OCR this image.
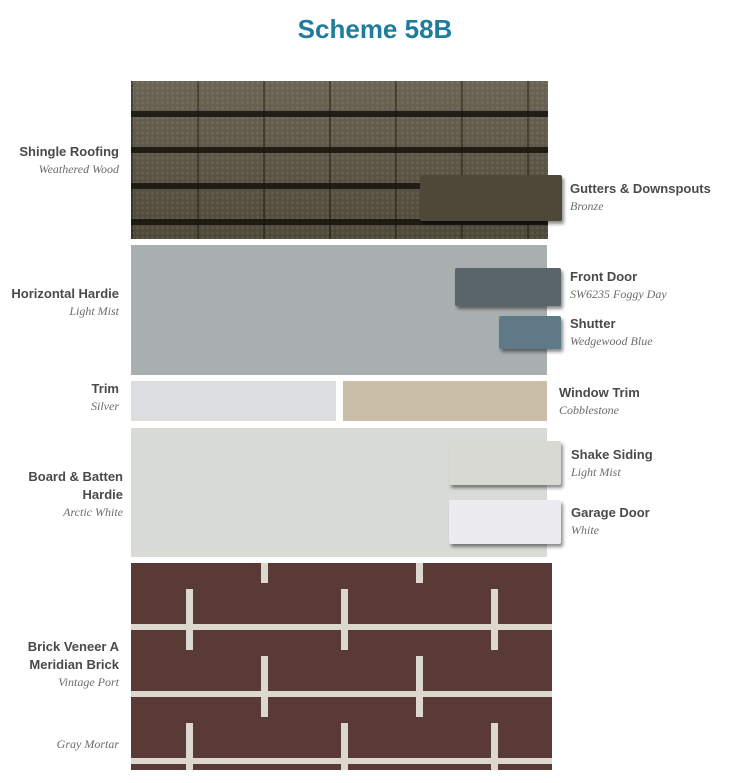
Scheme 58B
Shingle Roofing
Weathered Wood
Horizontal Hardie
Light Mist
Trim
Silver
Board & Batten
Hardie
Arctic White
Brick Veneer A
Meridian Brick
Vintage Port
Gray Mortar
Gutters & Downspouts
Bronze
Front Door
SW6235 Foggy Day
Shutter
Wedgewood Blue
Window Trim
Cobblestone
Shake Siding
Light Mist
Garage Door
White
